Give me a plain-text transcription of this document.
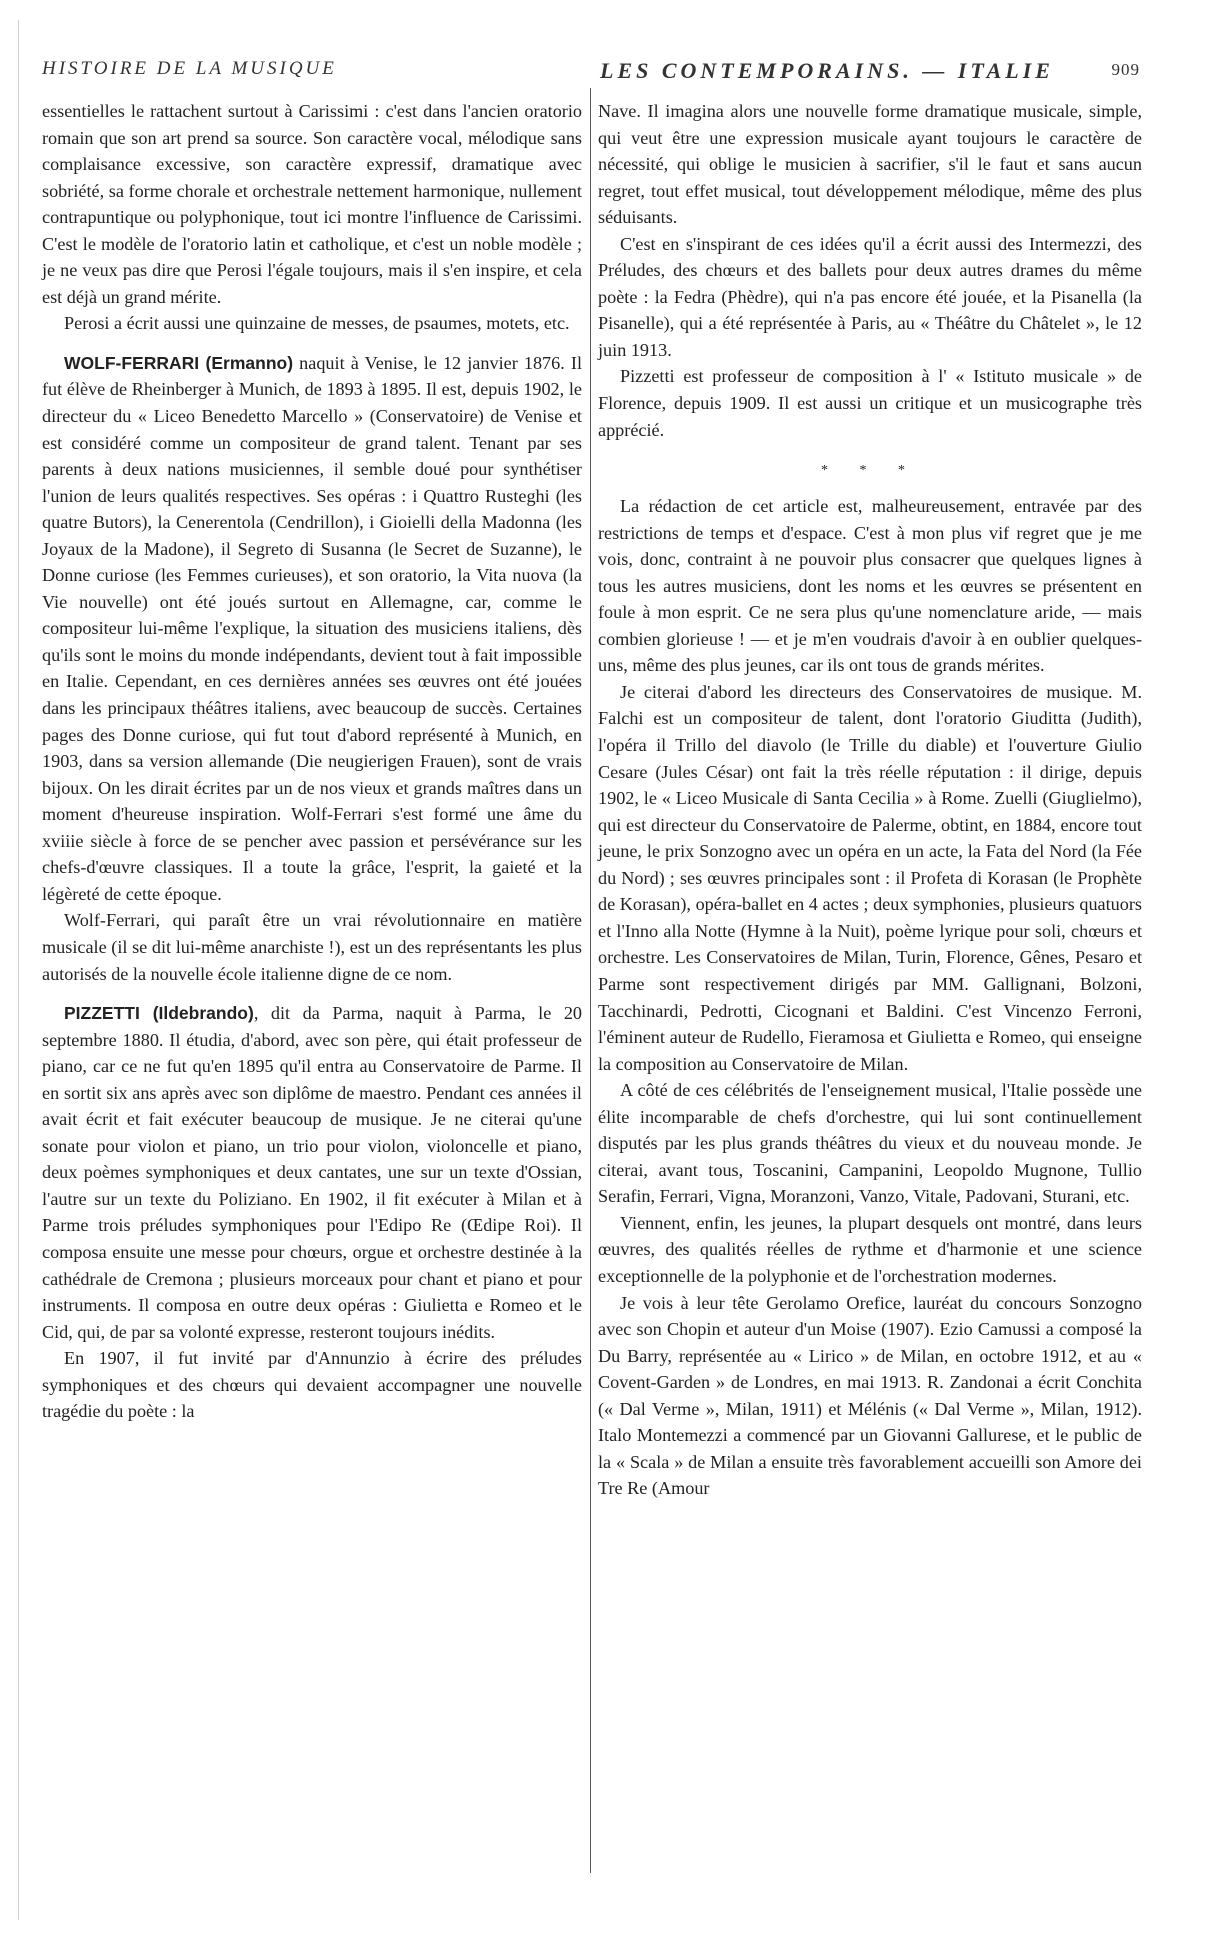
HISTOIRE DE LA MUSIQUE	LES CONTEMPORAINS. — ITALIE	909

essentielles le rattachent surtout à Carissimi : c'est dans l'ancien oratorio romain que son art prend sa source. Son caractère vocal, mélodique sans complaisance excessive, son caractère expressif, dramatique avec sobriété, sa forme chorale et orchestrale nettement harmonique, nullement contrapuntique ou polyphonique, tout ici montre l'influence de Carissimi. C'est le modèle de l'oratorio latin et catholique, et c'est un noble modèle ; je ne veux pas dire que Perosi l'égale toujours, mais il s'en inspire, et cela est déjà un grand mérite.

Perosi a écrit aussi une quinzaine de messes, de psaumes, motets, etc.

WOLF-FERRARI (Ermanno) naquit à Venise, le 12 janvier 1876. Il fut élève de Rheinberger à Munich, de 1893 à 1895. Il est, depuis 1902, le directeur du « Liceo Benedetto Marcello » (Conservatoire) de Venise et est considéré comme un compositeur de grand talent. Tenant par ses parents à deux nations musiciennes, il semble doué pour synthétiser l'union de leurs qualités respectives. Ses opéras : i Quattro Rusteghi (les quatre Butors), la Cenerentola (Cendrillon), i Gioielli della Madonna (les Joyaux de la Madone), il Segreto di Susanna (le Secret de Suzanne), le Donne curiose (les Femmes curieuses), et son oratorio, la Vita nuova (la Vie nouvelle) ont été joués surtout en Allemagne, car, comme le compositeur lui-même l'explique, la situation des musiciens italiens, dès qu'ils sont le moins du monde indépendants, devient tout à fait impossible en Italie. Cependant, en ces dernières années ses œuvres ont été jouées dans les principaux théâtres italiens, avec beaucoup de succès. Certaines pages des Donne curiose, qui fut tout d'abord représenté à Munich, en 1903, dans sa version allemande (Die neugierigen Frauen), sont de vrais bijoux. On les dirait écrites par un de nos vieux et grands maîtres dans un moment d'heureuse inspiration. Wolf-Ferrari s'est formé une âme du xviiie siècle à force de se pencher avec passion et persévérance sur les chefs-d'œuvre classiques. Il a toute la grâce, l'esprit, la gaieté et la légèreté de cette époque.

Wolf-Ferrari, qui paraît être un vrai révolutionnaire en matière musicale (il se dit lui-même anarchiste !), est un des représentants les plus autorisés de la nouvelle école italienne digne de ce nom.

PIZZETTI (Ildebrando), dit da Parma, naquit à Parma, le 20 septembre 1880. Il étudia, d'abord, avec son père, qui était professeur de piano, car ce ne fut qu'en 1895 qu'il entra au Conservatoire de Parme. Il en sortit six ans après avec son diplôme de maestro. Pendant ces années il avait écrit et fait exécuter beaucoup de musique. Je ne citerai qu'une sonate pour violon et piano, un trio pour violon, violoncelle et piano, deux poèmes symphoniques et deux cantates, une sur un texte d'Ossian, l'autre sur un texte du Poliziano. En 1902, il fit exécuter à Milan et à Parme trois préludes symphoniques pour l'Edipo Re (Œdipe Roi). Il composa ensuite une messe pour chœurs, orgue et orchestre destinée à la cathédrale de Cremona ; plusieurs morceaux pour chant et piano et pour instruments. Il composa en outre deux opéras : Giulietta e Romeo et le Cid, qui, de par sa volonté expresse, resteront toujours inédits.

En 1907, il fut invité par d'Annunzio à écrire des préludes symphoniques et des chœurs qui devaient accompagner une nouvelle tragédie du poète : la

Nave. Il imagina alors une nouvelle forme dramatique musicale, simple, qui veut être une expression musicale ayant toujours le caractère de nécessité, qui oblige le musicien à sacrifier, s'il le faut et sans aucun regret, tout effet musical, tout développement mélodique, même des plus séduisants.

C'est en s'inspirant de ces idées qu'il a écrit aussi des Intermezzi, des Préludes, des chœurs et des ballets pour deux autres drames du même poète : la Fedra (Phèdre), qui n'a pas encore été jouée, et la Pisanella (la Pisanelle), qui a été représentée à Paris, au « Théâtre du Châtelet », le 12 juin 1913.

Pizzetti est professeur de composition à l' « Istituto musicale » de Florence, depuis 1909. Il est aussi un critique et un musicographe très apprécié.

* * *

La rédaction de cet article est, malheureusement, entravée par des restrictions de temps et d'espace. C'est à mon plus vif regret que je me vois, donc, contraint à ne pouvoir plus consacrer que quelques lignes à tous les autres musiciens, dont les noms et les œuvres se présentent en foule à mon esprit. Ce ne sera plus qu'une nomenclature aride, — mais combien glorieuse ! — et je m'en voudrais d'avoir à en oublier quelques-uns, même des plus jeunes, car ils ont tous de grands mérites.

Je citerai d'abord les directeurs des Conservatoires de musique. M. Falchi est un compositeur de talent, dont l'oratorio Giuditta (Judith), l'opéra il Trillo del diavolo (le Trille du diable) et l'ouverture Giulio Cesare (Jules César) ont fait la très réelle réputation : il dirige, depuis 1902, le « Liceo Musicale di Santa Cecilia » à Rome. Zuelli (Giuglielmo), qui est directeur du Conservatoire de Palerme, obtint, en 1884, encore tout jeune, le prix Sonzogno avec un opéra en un acte, la Fata del Nord (la Fée du Nord) ; ses œuvres principales sont : il Profeta di Korasan (le Prophète de Korasan), opéra-ballet en 4 actes ; deux symphonies, plusieurs quatuors et l'Inno alla Notte (Hymne à la Nuit), poème lyrique pour soli, chœurs et orchestre. Les Conservatoires de Milan, Turin, Florence, Gênes, Pesaro et Parme sont respectivement dirigés par MM. Gallignani, Bolzoni, Tacchinardi, Pedrotti, Cicognani et Baldini. C'est Vincenzo Ferroni, l'éminent auteur de Rudello, Fieramosa et Giulietta e Romeo, qui enseigne la composition au Conservatoire de Milan.

A côté de ces célébrités de l'enseignement musical, l'Italie possède une élite incomparable de chefs d'orchestre, qui lui sont continuellement disputés par les plus grands théâtres du vieux et du nouveau monde. Je citerai, avant tous, Toscanini, Campanini, Leopoldo Mugnone, Tullio Serafin, Ferrari, Vigna, Moranzoni, Vanzo, Vitale, Padovani, Sturani, etc.

Viennent, enfin, les jeunes, la plupart desquels ont montré, dans leurs œuvres, des qualités réelles de rythme et d'harmonie et une science exceptionnelle de la polyphonie et de l'orchestration modernes.

Je vois à leur tête Gerolamo Orefice, lauréat du concours Sonzogno avec son Chopin et auteur d'un Moise (1907). Ezio Camussi a composé la Du Barry, représentée au « Lirico » de Milan, en octobre 1912, et au « Covent-Garden » de Londres, en mai 1913. R. Zandonai a écrit Conchita (« Dal Verme », Milan, 1911) et Mélénis (« Dal Verme », Milan, 1912). Italo Montemezzi a commencé par un Giovanni Gallurese, et le public de la « Scala » de Milan a ensuite très favorablement accueilli son Amore dei Tre Re (Amour
